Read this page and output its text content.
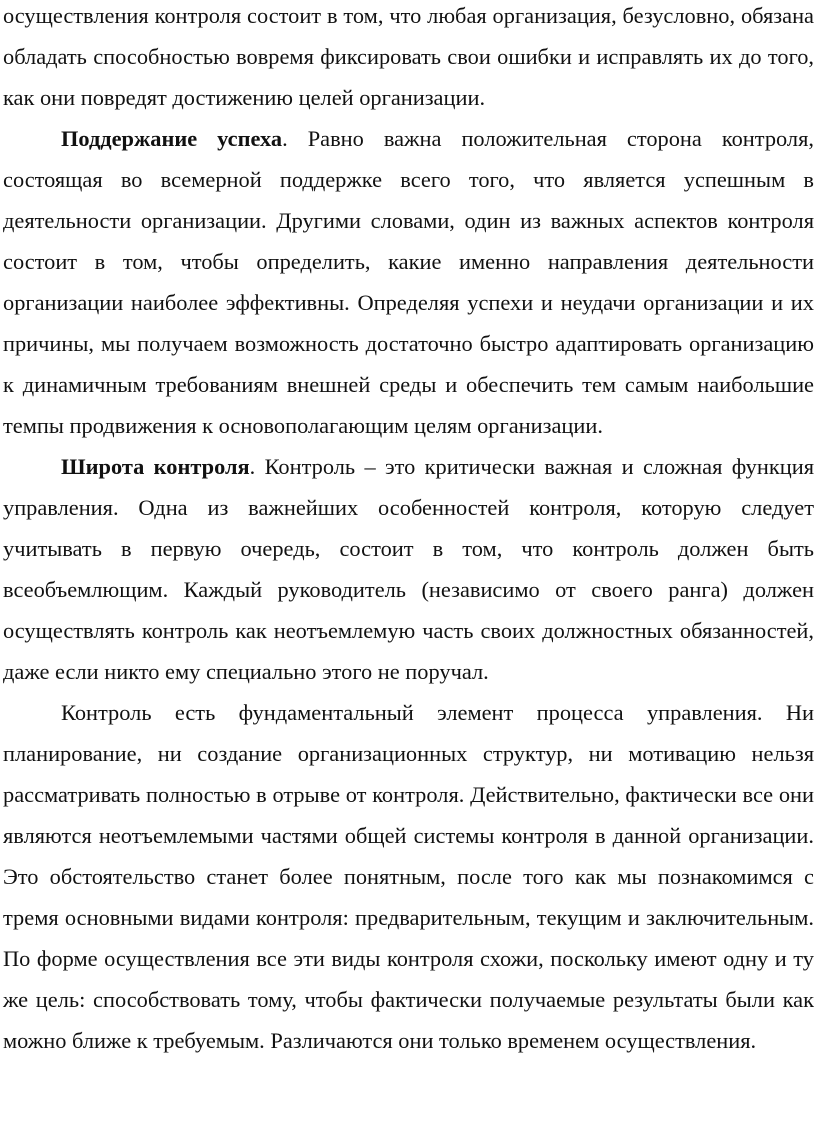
осуществления контроля состоит в том, что любая организация, безусловно, обязана обладать способностью вовремя фиксировать свои ошибки и исправлять их до того, как они повредят достижению целей организации.

Поддержание успеха. Равно важна положительная сторона контроля, состоящая во всемерной поддержке всего того, что является успешным в деятельности организации. Другими словами, один из важных аспектов контроля состоит в том, чтобы определить, какие именно направления деятельности организации наиболее эффективны. Определяя успехи и неудачи организации и их причины, мы получаем возможность достаточно быстро адаптировать организацию к динамичным требованиям внешней среды и обеспечить тем самым наибольшие темпы продвижения к основополагающим целям организации.

Широта контроля. Контроль – это критически важная и сложная функция управления. Одна из важнейших особенностей контроля, которую следует учитывать в первую очередь, состоит в том, что контроль должен быть всеобъемлющим. Каждый руководитель (независимо от своего ранга) должен осуществлять контроль как неотъемлемую часть своих должностных обязанностей, даже если никто ему специально этого не поручал.

Контроль есть фундаментальный элемент процесса управления. Ни планирование, ни создание организационных структур, ни мотивацию нельзя рассматривать полностью в отрыве от контроля. Действительно, фактически все они являются неотъемлемыми частями общей системы контроля в данной организации. Это обстоятельство станет более понятным, после того как мы познакомимся с тремя основными видами контроля: предварительным, текущим и заключительным. По форме осуществления все эти виды контроля схожи, поскольку имеют одну и ту же цель: способствовать тому, чтобы фактически получаемые результаты были как можно ближе к требуемым. Различаются они только временем осуществления.
